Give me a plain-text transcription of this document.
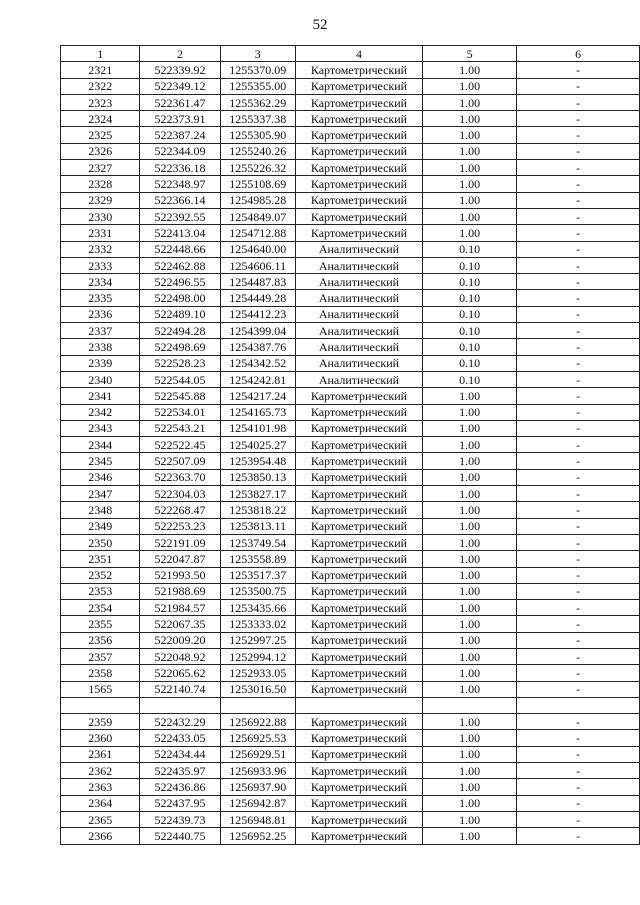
52
1	2	3	4	5	6
2321	522339.92	1255370.09	Картометрический	1.00	-
2322	522349.12	1255355.00	Картометрический	1.00	-
2323	522361.47	1255362.29	Картометрический	1.00	-
2324	522373.91	1255337.38	Картометрический	1.00	-
2325	522387.24	1255305.90	Картометрический	1.00	-
2326	522344.09	1255240.26	Картометрический	1.00	-
2327	522336.18	1255226.32	Картометрический	1.00	-
2328	522348.97	1255108.69	Картометрический	1.00	-
2329	522366.14	1254985.28	Картометрический	1.00	-
2330	522392.55	1254849.07	Картометрический	1.00	-
2331	522413.04	1254712.88	Картометрический	1.00	-
2332	522448.66	1254640.00	Аналитический	0.10	-
2333	522462.88	1254606.11	Аналитический	0.10	-
2334	522496.55	1254487.83	Аналитический	0.10	-
2335	522498.00	1254449.28	Аналитический	0.10	-
2336	522489.10	1254412.23	Аналитический	0.10	-
2337	522494.28	1254399.04	Аналитический	0.10	-
2338	522498.69	1254387.76	Аналитический	0.10	-
2339	522528.23	1254342.52	Аналитический	0.10	-
2340	522544.05	1254242.81	Аналитический	0.10	-
2341	522545.88	1254217.24	Картометрический	1.00	-
2342	522534.01	1254165.73	Картометрический	1.00	-
2343	522543.21	1254101.98	Картометрический	1.00	-
2344	522522.45	1254025.27	Картометрический	1.00	-
2345	522507.09	1253954.48	Картометрический	1.00	-
2346	522363.70	1253850.13	Картометрический	1.00	-
2347	522304.03	1253827.17	Картометрический	1.00	-
2348	522268.47	1253818.22	Картометрический	1.00	-
2349	522253.23	1253813.11	Картометрический	1.00	-
2350	522191.09	1253749.54	Картометрический	1.00	-
2351	522047.87	1253558.89	Картометрический	1.00	-
2352	521993.50	1253517.37	Картометрический	1.00	-
2353	521988.69	1253500.75	Картометрический	1.00	-
2354	521984.57	1253435.66	Картометрический	1.00	-
2355	522067.35	1253333.02	Картометрический	1.00	-
2356	522009.20	1252997.25	Картометрический	1.00	-
2357	522048.92	1252994.12	Картометрический	1.00	-
2358	522065.62	1252933.05	Картометрический	1.00	-
1565	522140.74	1253016.50	Картометрический	1.00	-

2359	522432.29	1256922.88	Картометрический	1.00	-
2360	522433.05	1256925.53	Картометрический	1.00	-
2361	522434.44	1256929.51	Картометрический	1.00	-
2362	522435.97	1256933.96	Картометрический	1.00	-
2363	522436.86	1256937.90	Картометрический	1.00	-
2364	522437.95	1256942.87	Картометрический	1.00	-
2365	522439.73	1256948.81	Картометрический	1.00	-
2366	522440.75	1256952.25	Картометрический	1.00	-
